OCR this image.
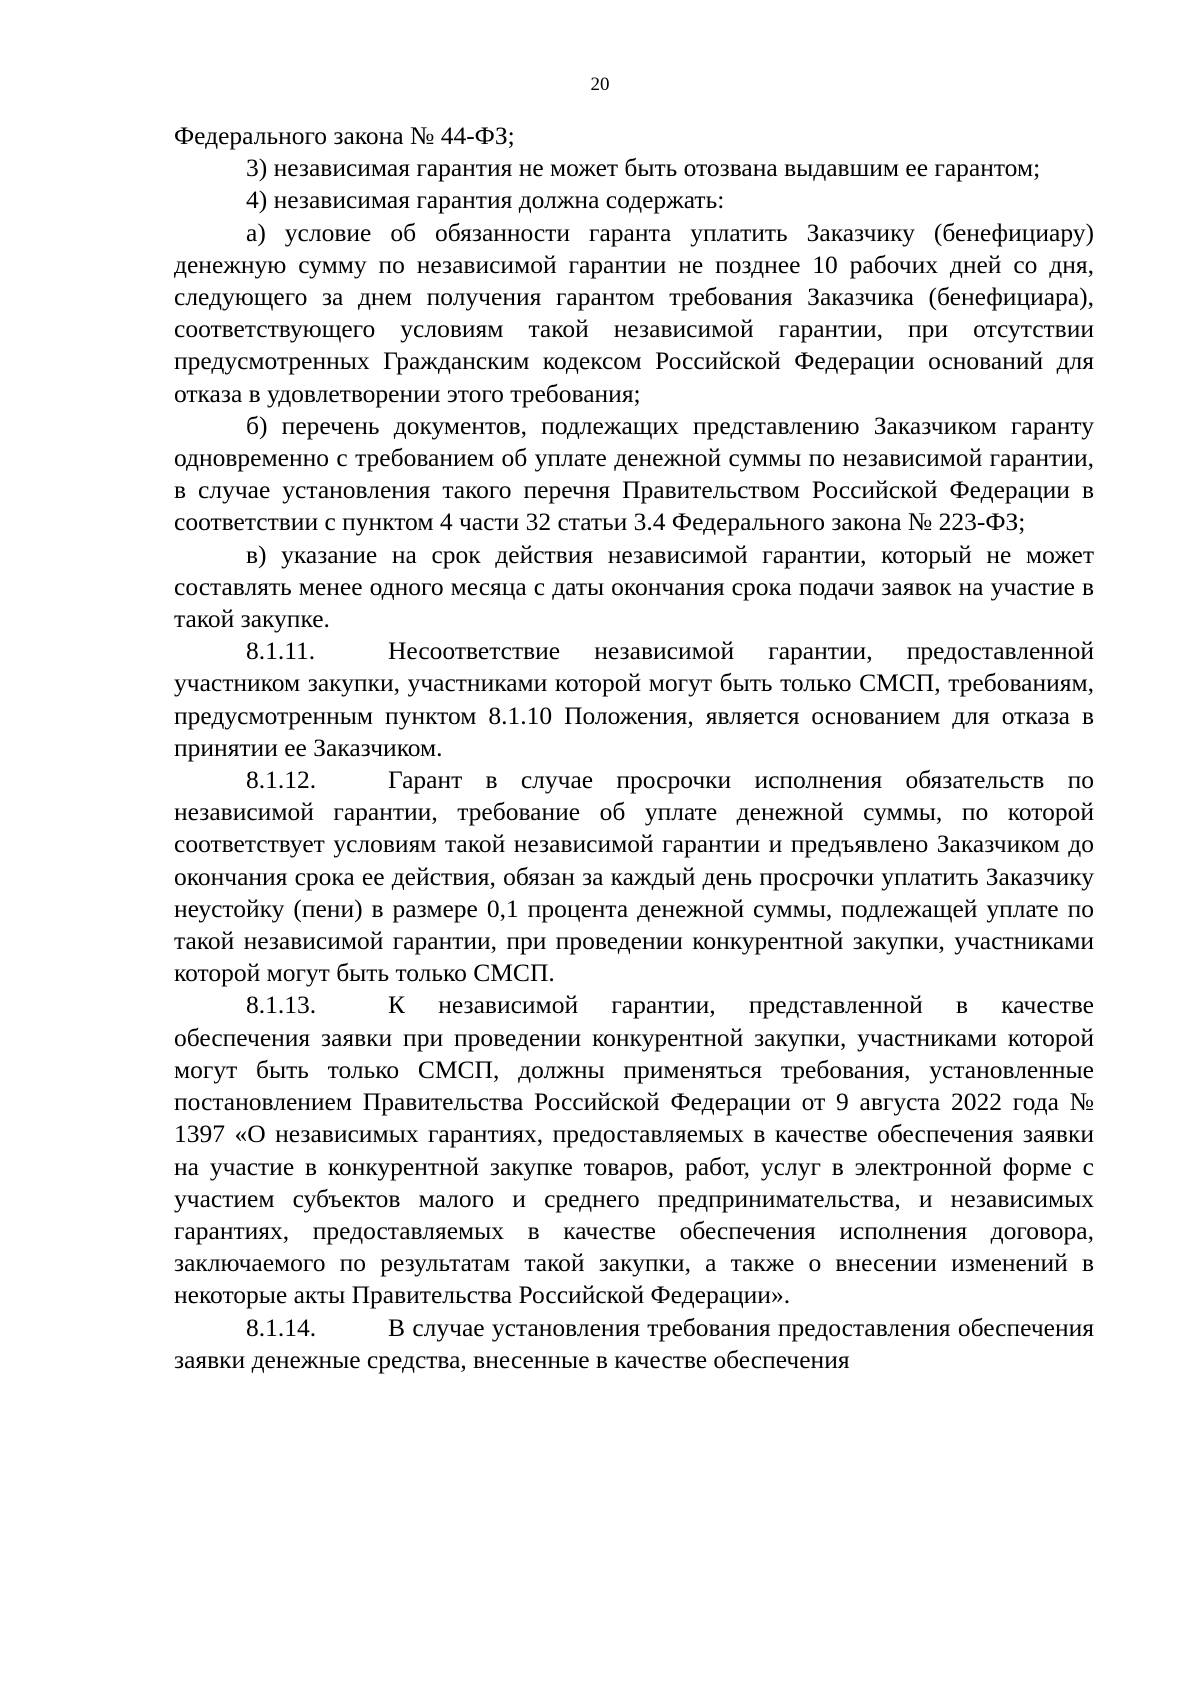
20

Федерального закона № 44-ФЗ;

3) независимая гарантия не может быть отозвана выдавшим ее гарантом;

4) независимая гарантия должна содержать:

а) условие об обязанности гаранта уплатить Заказчику (бенефициару) денежную сумму по независимой гарантии не позднее 10 рабочих дней со дня, следующего за днем получения гарантом требования Заказчика (бенефициара), соответствующего условиям такой независимой гарантии, при отсутствии предусмотренных Гражданским кодексом Российской Федерации оснований для отказа в удовлетворении этого требования;

б) перечень документов, подлежащих представлению Заказчиком гаранту одновременно с требованием об уплате денежной суммы по независимой гарантии, в случае установления такого перечня Правительством Российской Федерации в соответствии с пунктом 4 части 32 статьи 3.4 Федерального закона № 223-ФЗ;

в) указание на срок действия независимой гарантии, который не может составлять менее одного месяца с даты окончания срока подачи заявок на участие в такой закупке.

8.1.11.	Несоответствие независимой гарантии, предоставленной участником закупки, участниками которой могут быть только СМСП, требованиям, предусмотренным пунктом 8.1.10 Положения, является основанием для отказа в принятии ее Заказчиком.

8.1.12.	Гарант в случае просрочки исполнения обязательств по независимой гарантии, требование об уплате денежной суммы, по которой соответствует условиям такой независимой гарантии и предъявлено Заказчиком до окончания срока ее действия, обязан за каждый день просрочки уплатить Заказчику неустойку (пени) в размере 0,1 процента денежной суммы, подлежащей уплате по такой независимой гарантии, при проведении конкурентной закупки, участниками которой могут быть только СМСП.

8.1.13.	К независимой гарантии, представленной в качестве обеспечения заявки при проведении конкурентной закупки, участниками которой могут быть только СМСП, должны применяться требования, установленные постановлением Правительства Российской Федерации от 9 августа 2022 года № 1397 «О независимых гарантиях, предоставляемых в качестве обеспечения заявки на участие в конкурентной закупке товаров, работ, услуг в электронной форме с участием субъектов малого и среднего предпринимательства, и независимых гарантиях, предоставляемых в качестве обеспечения исполнения договора, заключаемого по результатам такой закупки, а также о внесении изменений в некоторые акты Правительства Российской Федерации».

8.1.14.	В случае установления требования предоставления обеспечения заявки денежные средства, внесенные в качестве обеспечения
